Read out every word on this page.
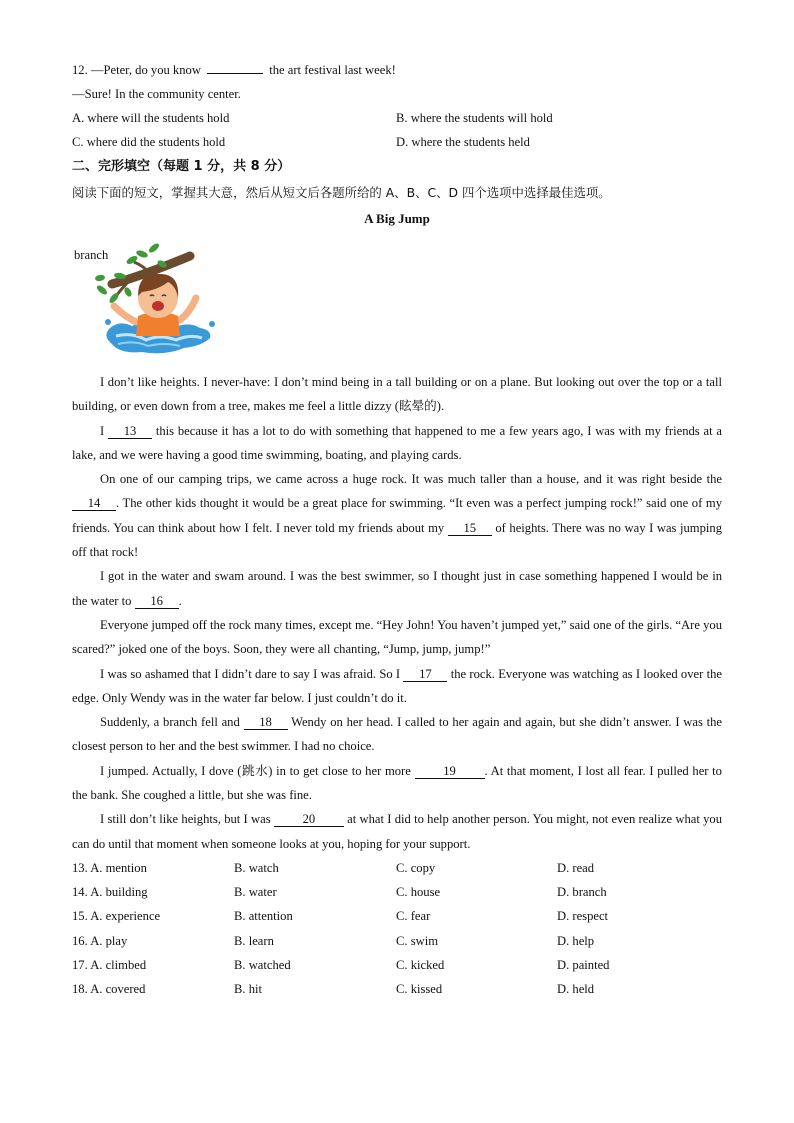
12. —Peter, do you know	the art festival last week!
—Sure! In the community center.
A. where will the students hold	B. where the students will hold
C. where did the students hold	D. where the students held
二、完形填空（每题 1 分，共 8 分）
阅读下面的短文，掌握其大意，然后从短文后各题所给的 A、B、C、D 四个选项中选择最佳选项。
A Big Jump
branch

I don’t like heights. I never-have: I don’t mind being in a tall building or on a plane. But looking out over the top or a tall building, or even down from a tree, makes me feel a little dizzy (眩晕的).

I 13 this because it has a lot to do with something that happened to me a few years ago, I was with my friends at a lake, and we were having a good time swimming, boating, and playing cards.

On one of our camping trips, we came across a huge rock. It was much taller than a house, and it was right beside the 14 . The other kids thought it would be a great place for swimming. “It even was a perfect jumping rock!” said one of my friends. You can think about how I felt. I never told my friends about my 15 of heights. There was no way I was jumping off that rock!

I got in the water and swam around. I was the best swimmer, so I thought just in case something happened I would be in the water to 16 .

Everyone jumped off the rock many times, except me. “Hey John! You haven’t jumped yet,” said one of the girls. “Are you scared?” joked one of the boys. Soon, they were all chanting, “Jump, jump, jump!”

I was so ashamed that I didn’t dare to say I was afraid. So I 17 the rock. Everyone was watching as I looked over the edge. Only Wendy was in the water far below. I just couldn’t do it.

Suddenly, a branch fell and 18 Wendy on her head. I called to her again and again, but she didn’t answer. I was the closest person to her and the best swimmer. I had no choice.

I jumped. Actually, I dove (跳水) in to get close to her more	19 . At that moment, I lost all fear. I pulled her to the bank. She coughed a little, but she was fine.

I still don’t like heights, but I was	20	at what I did to help another person. You might, not even realize what you can do until that moment when someone looks at you, hoping for your support.

13. A. mention	B. watch	C. copy	D. read
14. A. building	B. water	C. house	D. branch
15. A. experience	B. attention	C. fear	D. respect
16. A. play	B. learn	C. swim	D. help
17. A. climbed	B. watched	C. kicked	D. painted
18. A. covered	B. hit	C. kissed	D. held
